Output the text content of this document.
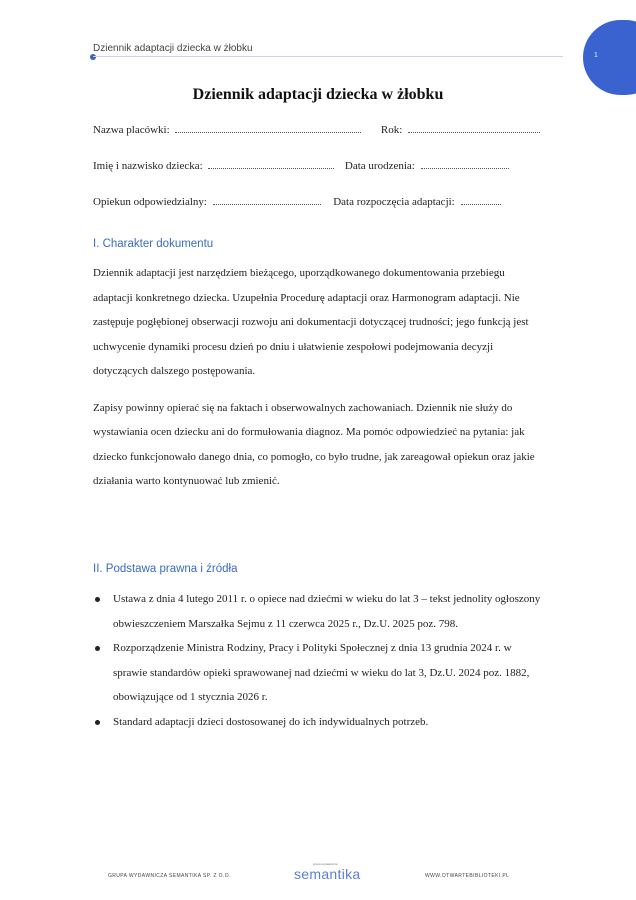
Dziennik adaptacji dziecka w żłobku
1
Dziennik adaptacji dziecka w żłobku
Nazwa placówki:	Rok:
Imię i nazwisko dziecka:	Data urodzenia:
Opiekun odpowiedzialny:	Data rozpoczęcia adaptacji:
I. Charakter dokumentu

Dziennik adaptacji jest narzędziem bieżącego, uporządkowanego dokumentowania przebiegu adaptacji konkretnego dziecka. Uzupełnia Procedurę adaptacji oraz Harmonogram adaptacji. Nie zastępuje pogłębionej obserwacji rozwoju ani dokumentacji dotyczącej trudności; jego funkcją jest uchwycenie dynamiki procesu dzień po dniu i ułatwienie zespołowi podejmowania decyzji dotyczących dalszego postępowania.

Zapisy powinny opierać się na faktach i obserwowalnych zachowaniach. Dziennik nie służy do wystawiania ocen dziecku ani do formułowania diagnoz. Ma pomóc odpowiedzieć na pytania: jak dziecko funkcjonowało danego dnia, co pomogło, co było trudne, jak zareagował opiekun oraz jakie działania warto kontynuować lub zmienić.

II. Podstawa prawna i źródła
Ustawa z dnia 4 lutego 2011 r. o opiece nad dziećmi w wieku do lat 3 – tekst jednolity ogłoszony obwieszczeniem Marszałka Sejmu z 11 czerwca 2025 r., Dz.U. 2025 poz. 798.
Rozporządzenie Ministra Rodziny, Pracy i Polityki Społecznej z dnia 13 grudnia 2024 r. w sprawie standardów opieki sprawowanej nad dziećmi w wieku do lat 3, Dz.U. 2024 poz. 1882, obowiązujące od 1 stycznia 2026 r.
Standard adaptacji dzieci dostosowanej do ich indywidualnych potrzeb.
GRUPA WYDAWNICZA SEMANTIKA SP. Z O.O.
grupa wydawnicza
semantika	WWW.OTWARTEBIBLIOTEKI.PL
